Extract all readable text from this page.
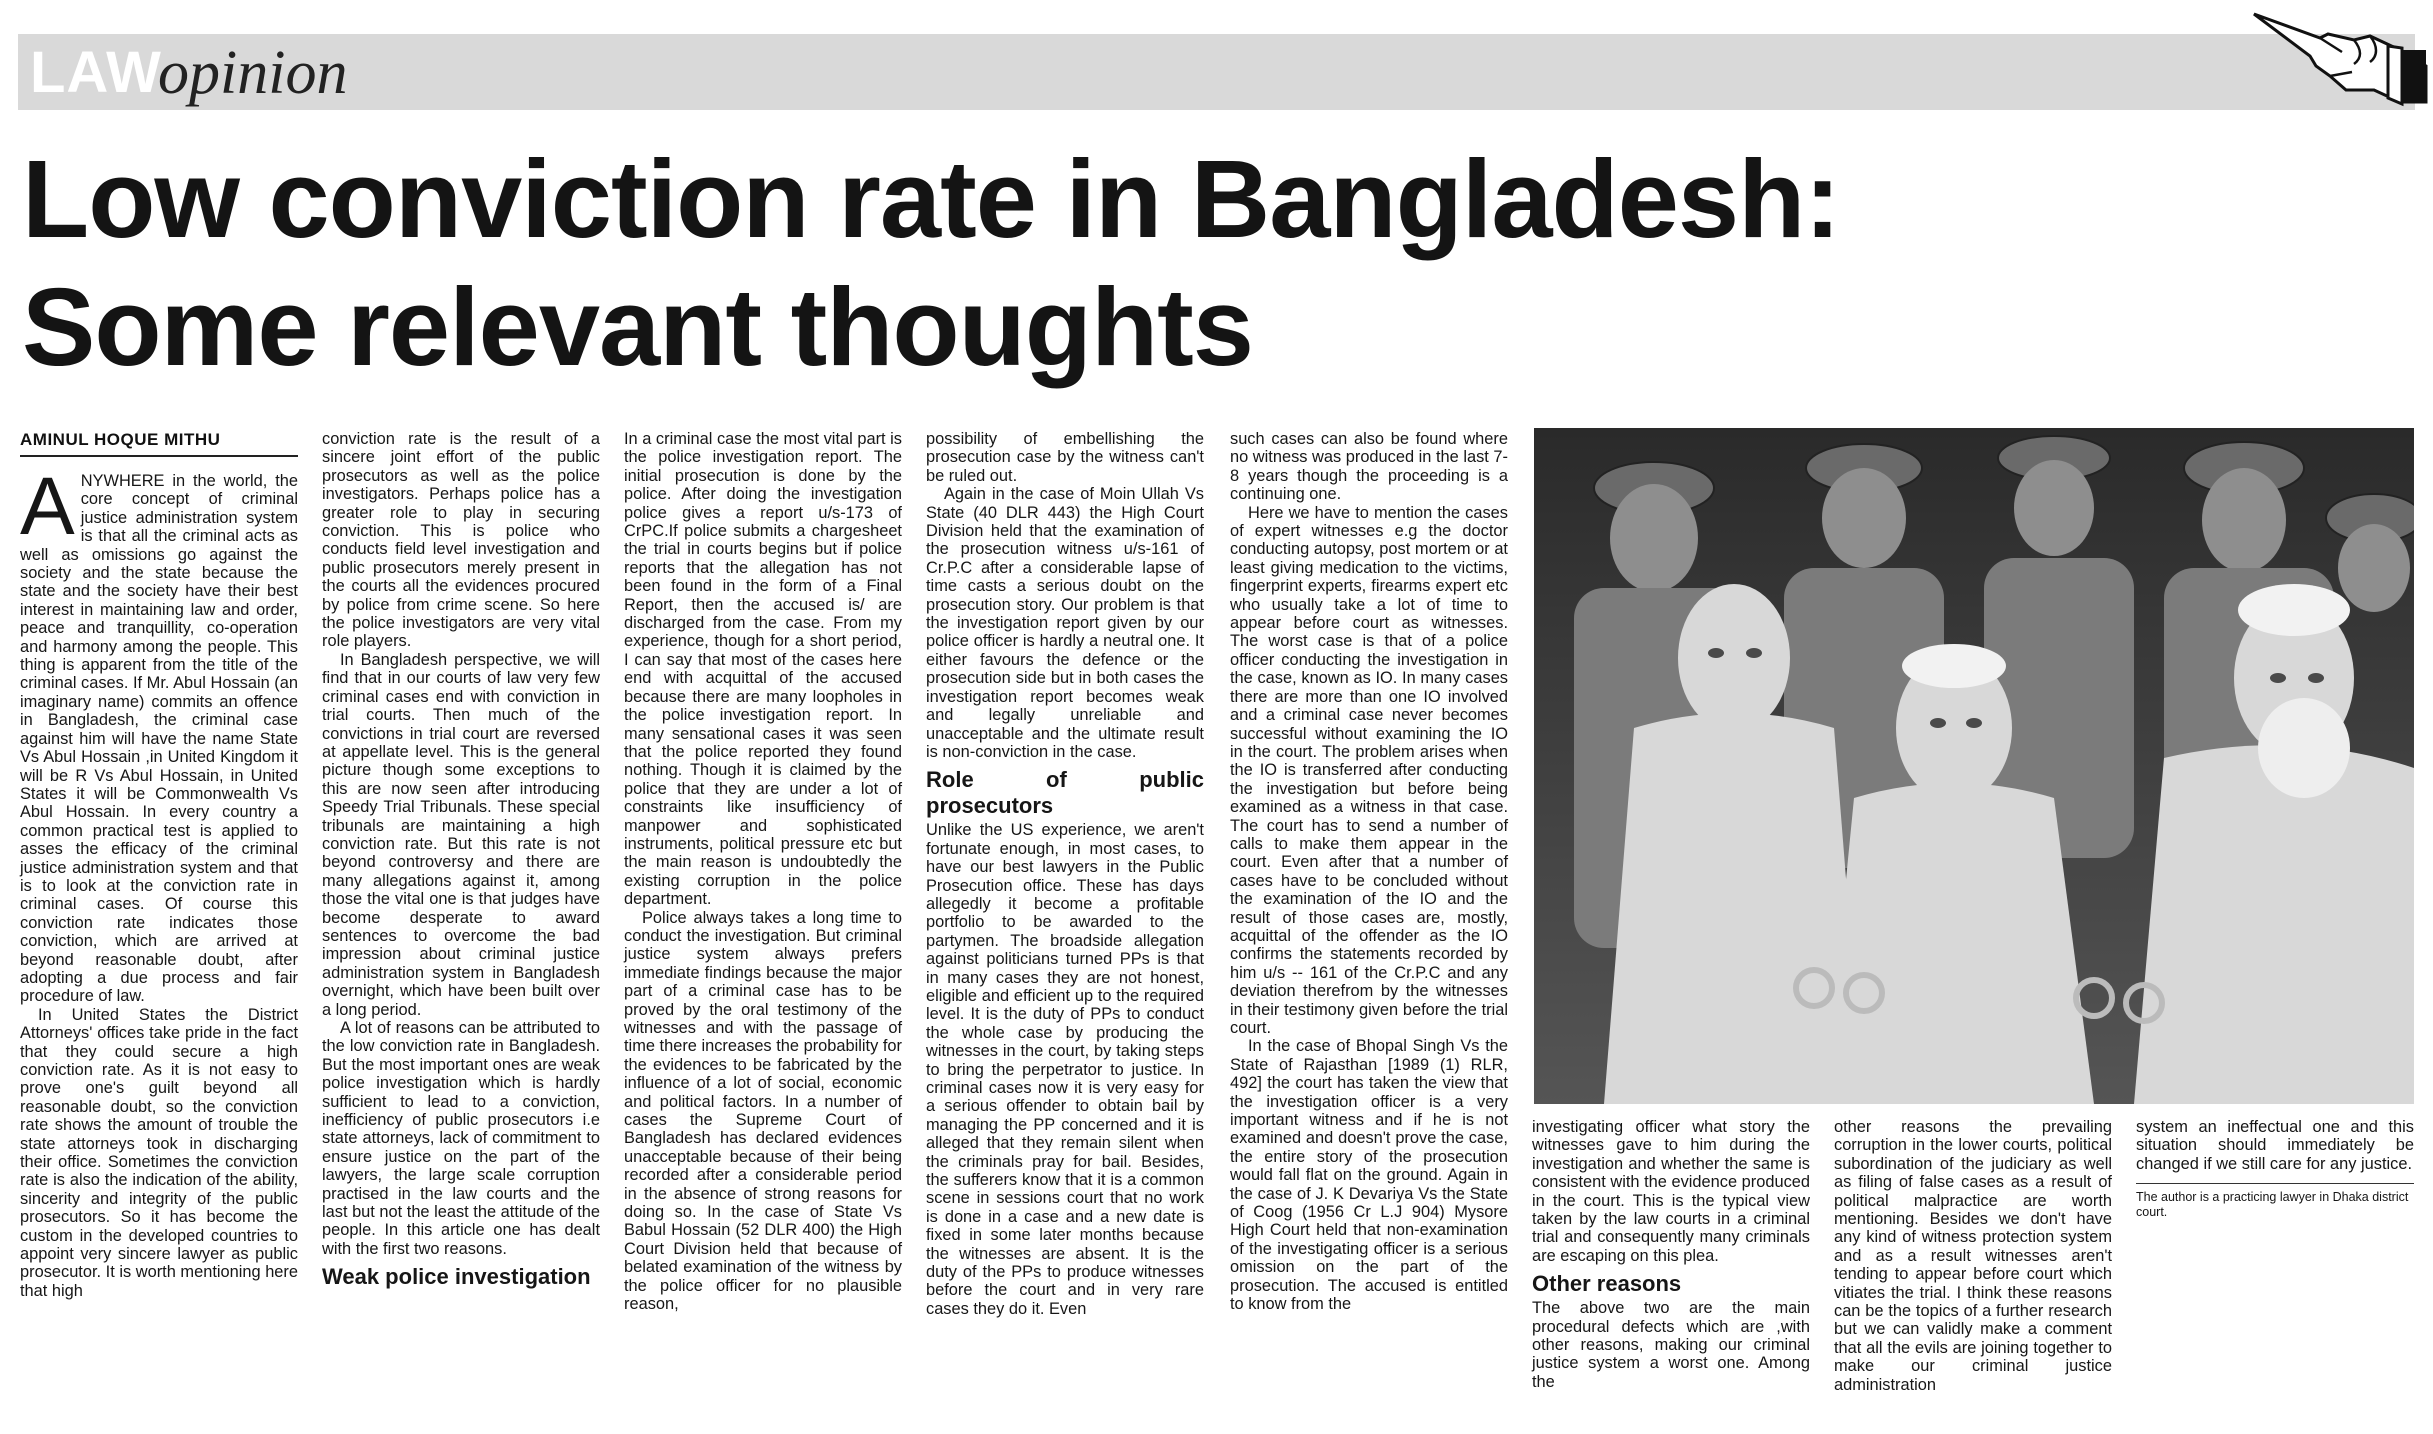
LAW
opinion
Low conviction rate in Bangladesh:
Some relevant thoughts
AMINUL HOQUE MITHU
A NYWHERE in the world, the core concept of criminal justice administration system is that all the criminal acts as well as omissions go against the society and the state because the state and the society have their best interest in maintaining law and order, peace and tranquillity, co-operation and harmony among the people. This thing is apparent from the title of the criminal cases. If Mr. Abul Hossain (an imaginary name) commits an offence in Bangladesh, the criminal case against him will have the name State Vs Abul Hossain ,in United Kingdom it will be R Vs Abul Hossain, in United States it will be Commonwealth Vs Abul Hossain. In every country a common practical test is applied to asses the efficacy of the criminal justice administration system and that is to look at the conviction rate in criminal cases. Of course this conviction rate indicates those conviction, which are arrived at beyond reasonable doubt, after adopting a due process and fair procedure of law.

In United States the District Attorneys' offices take pride in the fact that they could secure a high conviction rate. As it is not easy to prove one's guilt beyond all reasonable doubt, so the conviction rate shows the amount of trouble the state attorneys took in discharging their office. Sometimes the conviction rate is also the indication of the ability, sincerity and integrity of the public prosecutors. So it has become the custom in the developed countries to appoint very sincere lawyer as public prosecutor. It is worth mentioning here that high

conviction rate is the result of a sincere joint effort of the public prosecutors as well as the police investigators. Perhaps police has a greater role to play in securing conviction. This is police who conducts field level investigation and public prosecutors merely present in the courts all the evidences procured by police from crime scene. So here the police investigators are very vital role players.

In Bangladesh perspective, we will find that in our courts of law very few criminal cases end with conviction in trial courts. Then much of the convictions in trial court are reversed at appellate level. This is the general picture though some exceptions to this are now seen after introducing Speedy Trial Tribunals. These special tribunals are maintaining a high conviction rate. But this rate is not beyond controversy and there are many allegations against it, among those the vital one is that judges have become desperate to award sentences to overcome the bad impression about criminal justice administration system in Bangladesh overnight, which have been built over a long period.

A lot of reasons can be attributed to the low conviction rate in Bangladesh. But the most important ones are weak police investigation which is hardly sufficient to lead to a conviction, inefficiency of public prosecutors i.e state attorneys, lack of commitment to ensure justice on the part of the lawyers, the large scale corruption practised in the law courts and the last but not the least the attitude of the people. In this article one has dealt with the first two reasons.

Weak police investigation

In a criminal case the most vital part is the police investigation report. The initial prosecution is done by the police. After doing the investigation police gives a report u/s-173 of CrPC.If police submits a chargesheet the trial in courts begins but if police reports that the allegation has not been found in the form of a Final Report, then the accused is/ are discharged from the case. From my experience, though for a short period, I can say that most of the cases here end with acquittal of the accused because there are many loopholes in the police investigation report. In many sensational cases it was seen that the police reported they found nothing. Though it is claimed by the police that they are under a lot of constraints like insufficiency of manpower and sophisticated instruments, political pressure etc but the main reason is undoubtedly the existing corruption in the police department.

Police always takes a long time to conduct the investigation. But criminal justice system always prefers immediate findings because the major part of a criminal case has to be proved by the oral testimony of the witnesses and with the passage of time there increases the probability for the evidences to be fabricated by the influence of a lot of social, economic and political factors. In a number of cases the Supreme Court of Bangladesh has declared evidences unacceptable because of their being recorded after a considerable period in the absence of strong reasons for doing so. In the case of State Vs Babul Hossain (52 DLR 400) the High Court Division held that because of belated examination of the witness by the police officer for no plausible reason,

possibility of embellishing the prosecution case by the witness can't be ruled out.

Again in the case of Moin Ullah Vs State (40 DLR 443) the High Court Division held that the examination of the prosecution witness u/s-161 of Cr.P.C after a considerable lapse of time casts a serious doubt on the prosecution story. Our problem is that the investigation report given by our police officer is hardly a neutral one. It either favours the defence or the prosecution side but in both cases the investigation report becomes weak and legally unreliable and unacceptable and the ultimate result is non-conviction in the case.

Role of public prosecutors

Unlike the US experience, we aren't fortunate enough, in most cases, to have our best lawyers in the Public Prosecution office. These has days allegedly it become a profitable portfolio to be awarded to the partymen. The broadside allegation against politicians turned PPs is that in many cases they are not honest, eligible and efficient up to the required level. It is the duty of PPs to conduct the whole case by producing the witnesses in the court, by taking steps to bring the perpetrator to justice. In criminal cases now it is very easy for a serious offender to obtain bail by managing the PP concerned and it is alleged that they remain silent when the criminals pray for bail. Besides, the sufferers know that it is a common scene in sessions court that no work is done in a case and a new date is fixed in some later months because the witnesses are absent. It is the duty of the PPs to produce witnesses before the court and in very rare cases they do it. Even

such cases can also be found where no witness was produced in the last 7-8 years though the proceeding is a continuing one.

Here we have to mention the cases of expert witnesses e.g the doctor conducting autopsy, post mortem or at least giving medication to the victims, fingerprint experts, firearms expert etc who usually take a lot of time to appear before court as witnesses. The worst case is that of a police officer conducting the investigation in the case, known as IO. In many cases there are more than one IO involved and a criminal case never becomes successful without examining the IO in the court. The problem arises when the IO is transferred after conducting the investigation but before being examined as a witness in that case. The court has to send a number of calls to make them appear in the court. Even after that a number of cases have to be concluded without the examination of the IO and the result of those cases are, mostly, acquittal of the offender as the IO confirms the statements recorded by him u/s -- 161 of the Cr.P.C and any deviation therefrom by the witnesses in their testimony given before the trial court.

In the case of Bhopal Singh Vs the State of Rajasthan [1989 (1) RLR, 492] the court has taken the view that the investigation officer is a very important witness and if he is not examined and doesn't prove the case, the entire story of the prosecution would fall flat on the ground. Again in the case of J. K Devariya Vs the State of Coog (1956 Cr L.J 904) Mysore High Court held that non-examination of the investigating officer is a serious omission on the part of the prosecution. The accused is entitled to know from the

investigating officer what story the witnesses gave to him during the investigation and whether the same is consistent with the evidence produced in the court. This is the typical view taken by the law courts in a criminal trial and consequently many criminals are escaping on this plea.

Other reasons

The above two are the main procedural defects which are ,with other reasons, making our criminal justice system a worst one. Among the

other reasons the prevailing corruption in the lower courts, political subordination of the judiciary as well as filing of false cases as a result of political malpractice are worth mentioning. Besides we don't have any kind of witness protection system and as a result witnesses aren't tending to appear before court which vitiates the trial. I think these reasons can be the topics of a further research but we can validly make a comment that all the evils are joining together to make our criminal justice administration

system an ineffectual one and this situation should immediately be changed if we still care for any justice.

The author is a practicing lawyer in Dhaka district court.
